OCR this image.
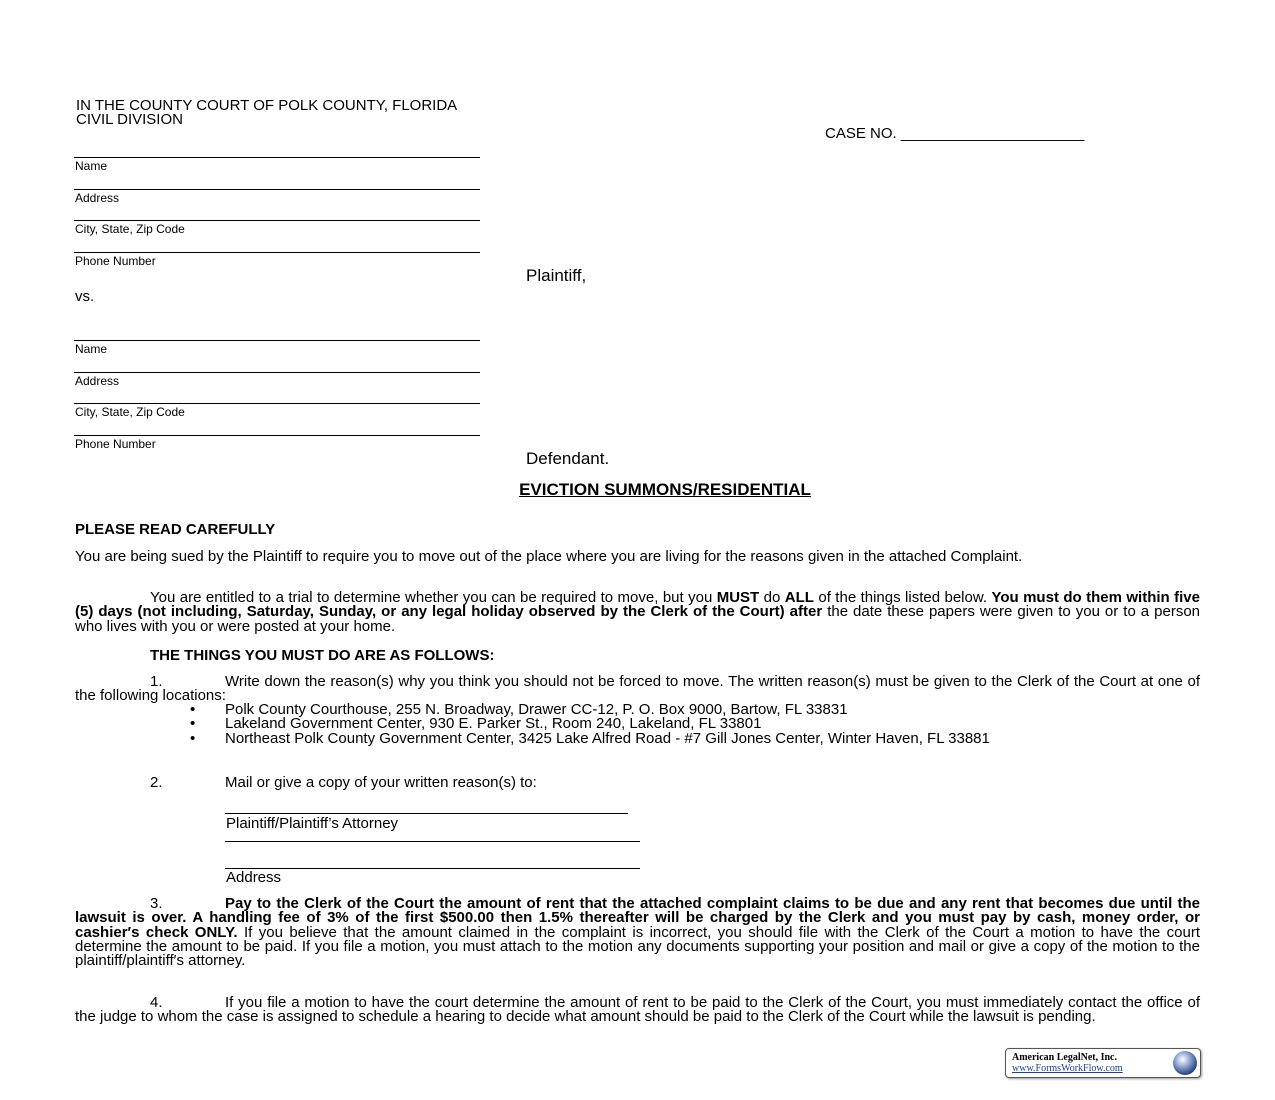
IN THE COUNTY COURT OF POLK COUNTY, FLORIDA
CIVIL DIVISION
CASE NO. ______________________
Name
Address
City, State, Zip Code
Phone Number
Plaintiff,
vs.
Name
Address
City, State, Zip Code
Phone Number
Defendant.
EVICTION SUMMONS/RESIDENTIAL
PLEASE READ CAREFULLY
You are being sued by the Plaintiff to require you to move out of the place where you are living for the reasons given in the attached Complaint.
You are entitled to a trial to determine whether you can be required to move, but you MUST do ALL of the things listed below. You must do them within five (5) days (not including, Saturday, Sunday, or any legal holiday observed by the Clerk of the Court) after the date these papers were given to you or to a person who lives with you or were posted at your home.
THE THINGS YOU MUST DO ARE AS FOLLOWS:
1.	Write down the reason(s) why you think you should not be forced to move. The written reason(s) must be given to the Clerk of the Court at one of the following locations:
•	Polk County Courthouse, 255 N. Broadway, Drawer CC-12, P. O. Box 9000, Bartow, FL 33831
•	Lakeland Government Center, 930 E. Parker St., Room 240, Lakeland, FL 33801
•	Northeast Polk County Government Center, 3425 Lake Alfred Road - #7 Gill Jones Center, Winter Haven, FL 33881
2.	Mail or give a copy of your written reason(s) to:
Plaintiff/Plaintiff’s Attorney
Address
3.	Pay to the Clerk of the Court the amount of rent that the attached complaint claims to be due and any rent that becomes due until the lawsuit is over. A handling fee of 3% of the first $500.00 then 1.5% thereafter will be charged by the Clerk and you must pay by cash, money order, or cashier′s check ONLY. If you believe that the amount claimed in the complaint is incorrect, you should file with the Clerk of the Court a motion to have the court determine the amount to be paid. If you file a motion, you must attach to the motion any documents supporting your position and mail or give a copy of the motion to the plaintiff/plaintiff′s attorney.
4.	If you file a motion to have the court determine the amount of rent to be paid to the Clerk of the Court, you must immediately contact the office of the judge to whom the case is assigned to schedule a hearing to decide what amount should be paid to the Clerk of the Court while the lawsuit is pending.
American LegalNet, Inc.
www.FormsWorkFlow.com
